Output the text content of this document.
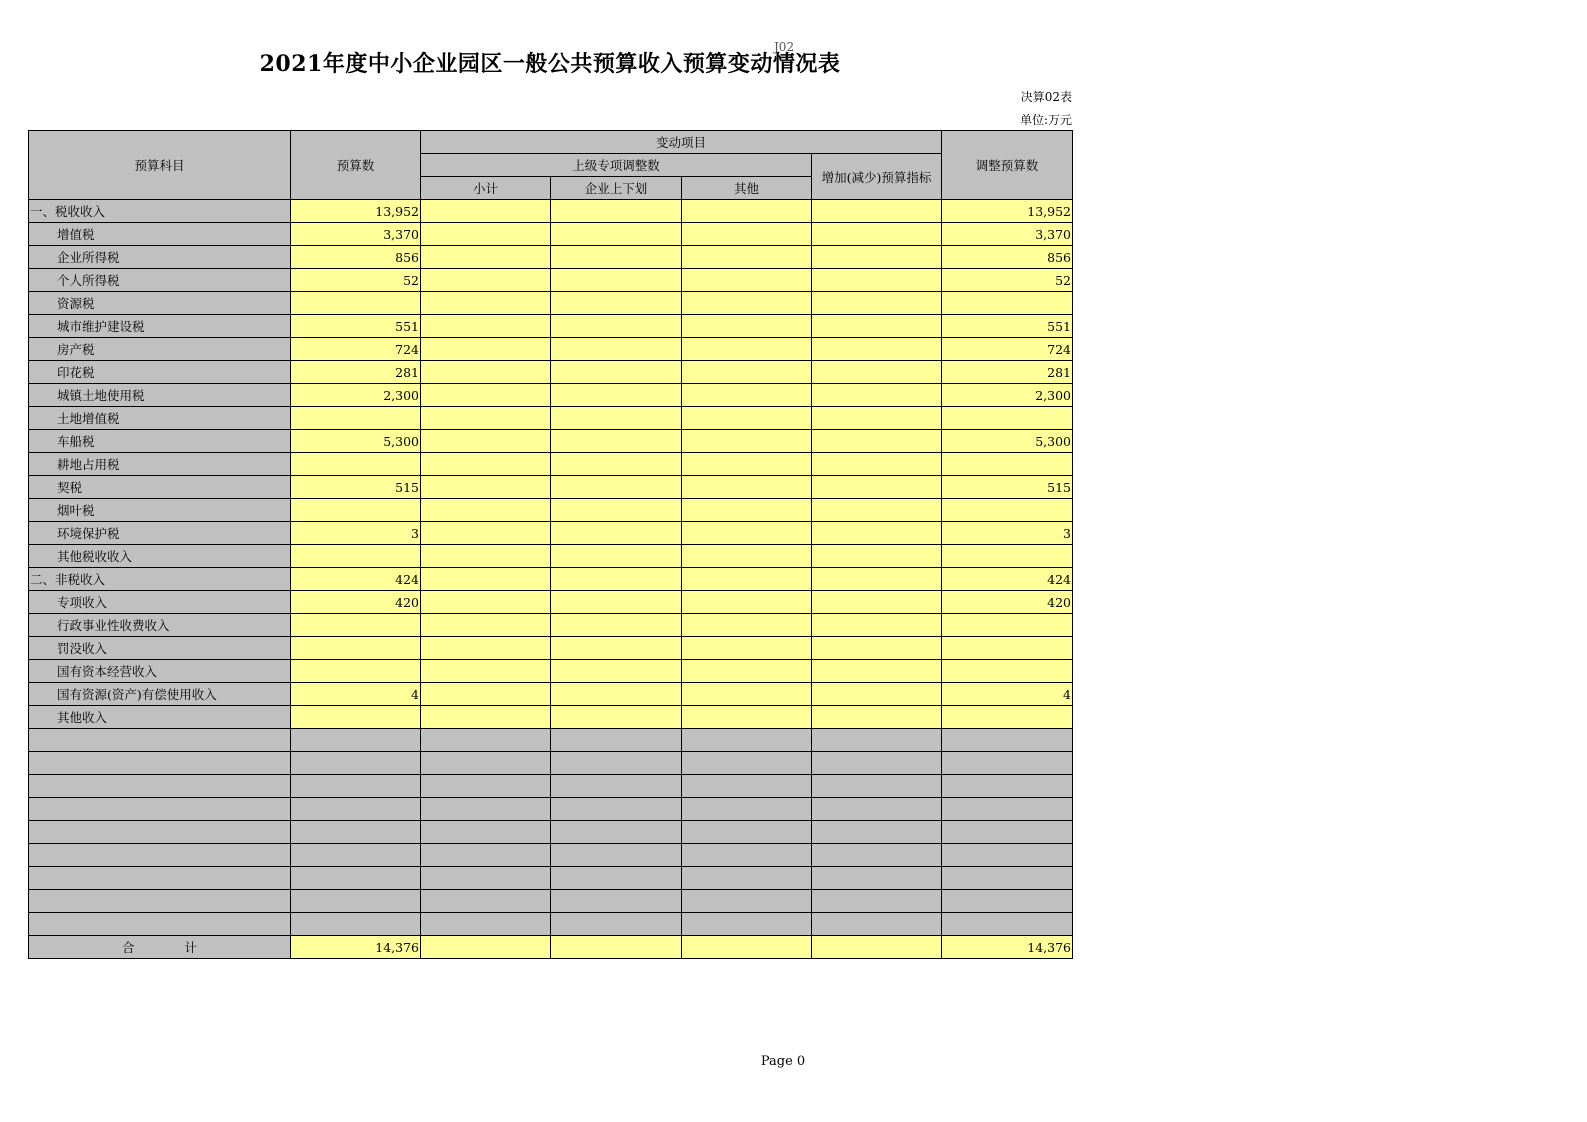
J02
2021年度中小企业园区一般公共预算收入预算变动情况表
决算02表
单位:万元
预算科目	预算数	变动项目				调整预算数
		上级专项调整数			增加(减少)预算指标	
		小计	企业上下划	其他		
一、税收收入	13,952					13,952
增值税	3,370					3,370
企业所得税	856					856
个人所得税	52					52
资源税						
城市维护建设税	551					551
房产税	724					724
印花税	281					281
城镇土地使用税	2,300					2,300
土地增值税						
车船税	5,300					5,300
耕地占用税						
契税	515					515
烟叶税						
环境保护税	3					3
其他税收收入						
二、非税收入	424					424
专项收入	420					420
行政事业性收费收入						
罚没收入						
国有资本经营收入						
国有资源(资产)有偿使用收入	4					4
其他收入						

合　　　　计	14,376					14,376
Page 0
